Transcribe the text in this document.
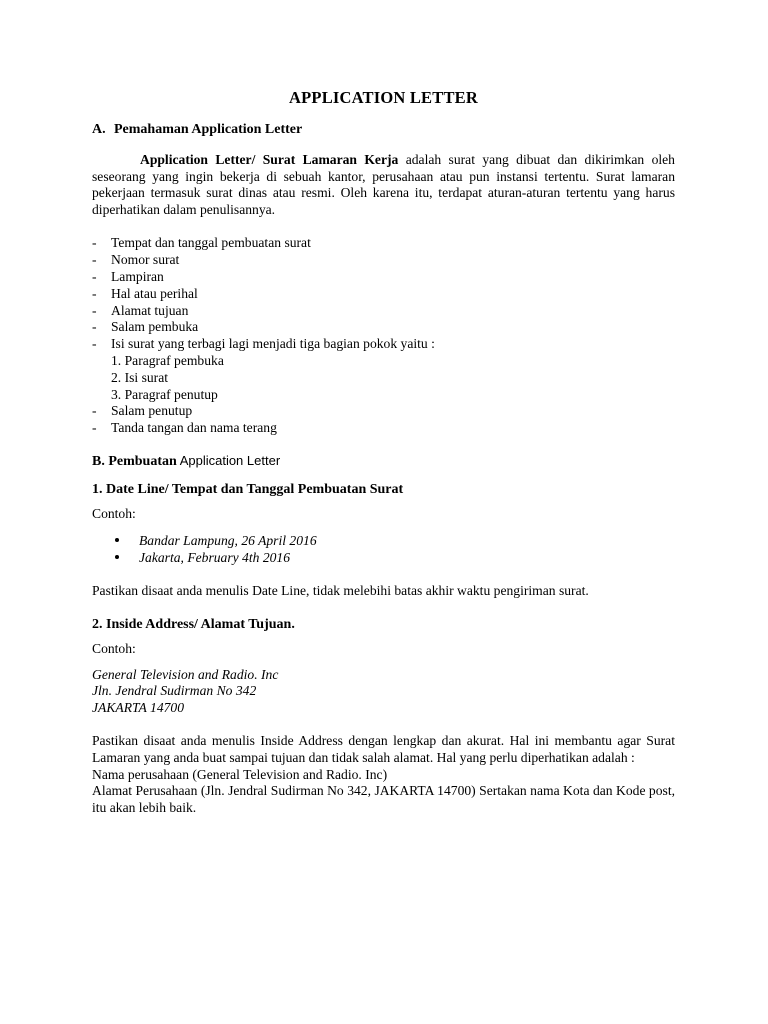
APPLICATION LETTER
A. Pemahaman Application Letter

Application Letter/ Surat Lamaran Kerja adalah surat yang dibuat dan dikirimkan oleh seseorang yang ingin bekerja di sebuah kantor, perusahaan atau pun instansi tertentu. Surat lamaran pekerjaan termasuk surat dinas atau resmi. Oleh karena itu, terdapat aturan-aturan tertentu yang harus diperhatikan dalam penulisannya.

- Tempat dan tanggal pembuatan surat
- Nomor surat
- Lampiran
- Hal atau perihal
- Alamat tujuan
- Salam pembuka
- Isi surat yang terbagi lagi menjadi tiga bagian pokok yaitu :
1. Paragraf pembuka
2. Isi surat
3. Paragraf penutup
- Salam penutup
- Tanda tangan dan nama terang
B. Pembuatan Application Letter
1. Date Line/ Tempat dan Tanggal Pembuatan Surat
Contoh:
Bandar Lampung, 26 April 2016
Jakarta, February 4th 2016

Pastikan disaat anda menulis Date Line, tidak melebihi batas akhir waktu pengiriman surat.

2. Inside Address/ Alamat Tujuan.
Contoh:
General Television and Radio. Inc
Jln. Jendral Sudirman No 342
JAKARTA 14700

Pastikan disaat anda menulis Inside Address dengan lengkap dan akurat. Hal ini membantu agar Surat Lamaran yang anda buat sampai tujuan dan tidak salah alamat. Hal yang perlu diperhatikan adalah :

Nama perusahaan (General Television and Radio. Inc)

Alamat Perusahaan (Jln. Jendral Sudirman No 342, JAKARTA 14700) Sertakan nama Kota dan Kode post, itu akan lebih baik.
